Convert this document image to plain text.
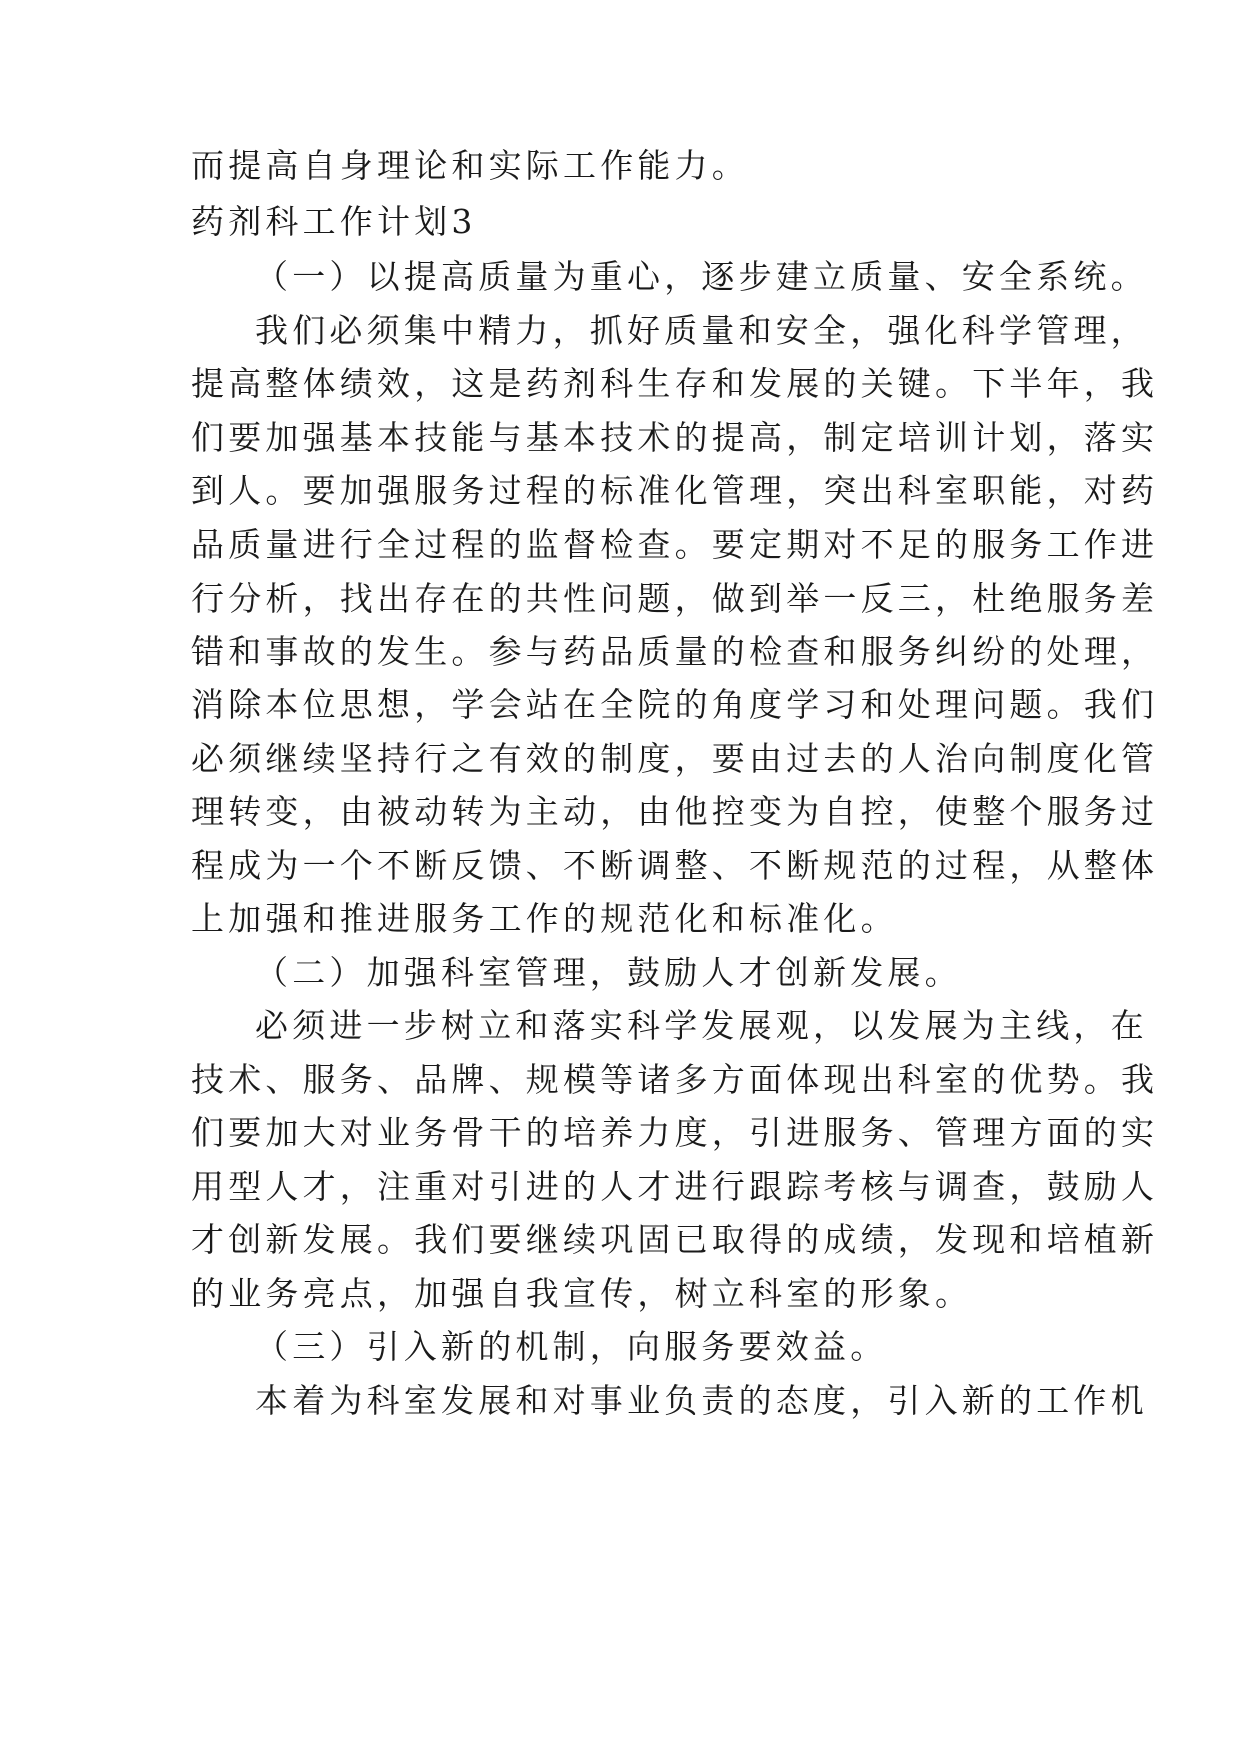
而提高自身理论和实际工作能力。
药剂科工作计划3
（一）以提高质量为重心，逐步建立质量、安全系统。
我们必须集中精力，抓好质量和安全，强化科学管理，
提高整体绩效，这是药剂科生存和发展的关键。下半年，我
们要加强基本技能与基本技术的提高，制定培训计划，落实
到人。要加强服务过程的标准化管理，突出科室职能，对药
品质量进行全过程的监督检查。要定期对不足的服务工作进
行分析，找出存在的共性问题，做到举一反三，杜绝服务差
错和事故的发生。参与药品质量的检查和服务纠纷的处理，
消除本位思想，学会站在全院的角度学习和处理问题。我们
必须继续坚持行之有效的制度，要由过去的人治向制度化管
理转变，由被动转为主动，由他控变为自控，使整个服务过
程成为一个不断反馈、不断调整、不断规范的过程，从整体
上加强和推进服务工作的规范化和标准化。
（二）加强科室管理，鼓励人才创新发展。
必须进一步树立和落实科学发展观，以发展为主线，在
技术、服务、品牌、规模等诸多方面体现出科室的优势。我
们要加大对业务骨干的培养力度，引进服务、管理方面的实
用型人才，注重对引进的人才进行跟踪考核与调查，鼓励人
才创新发展。我们要继续巩固已取得的成绩，发现和培植新
的业务亮点，加强自我宣传，树立科室的形象。
（三）引入新的机制，向服务要效益。
本着为科室发展和对事业负责的态度，引入新的工作机
